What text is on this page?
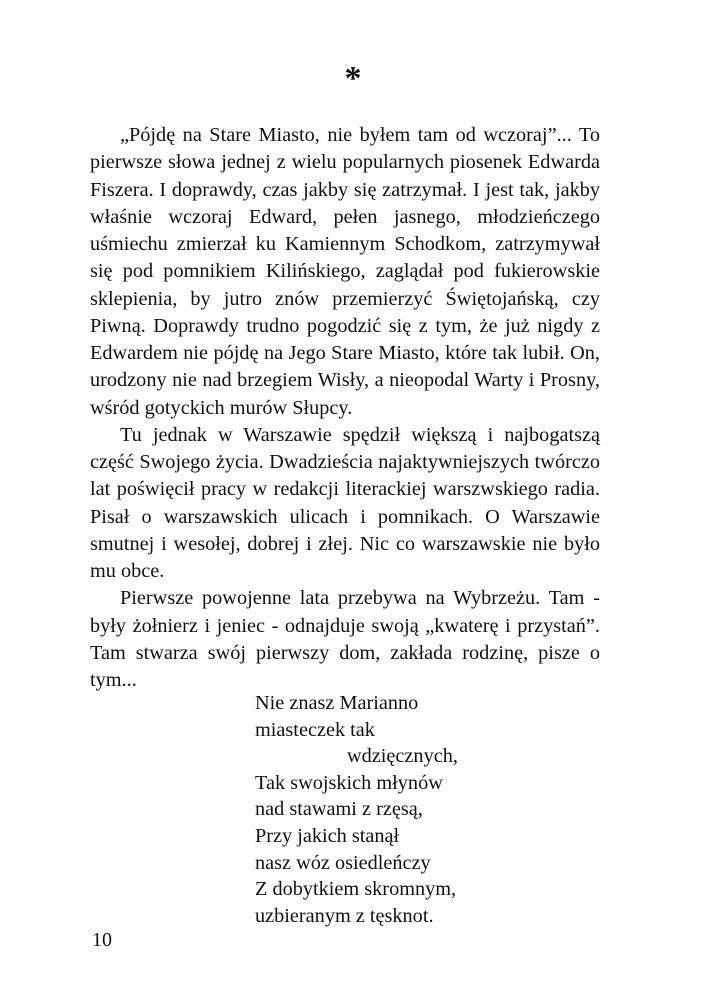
*

„Pójdę na Stare Miasto, nie byłem tam od wczoraj”... To pierwsze słowa jednej z wielu popularnych piosenek Edwarda Fiszera. I doprawdy, czas jakby się zatrzymał. I jest tak, jakby właśnie wczoraj Edward, pełen jasnego, młodzieńczego uśmiechu zmierzał ku Kamiennym Schodkom, zatrzymywał się pod pomnikiem Kilińskiego, zaglądał pod fukierowskie sklepienia, by jutro znów przemierzyć Świętojańską, czy Piwną. Doprawdy trudno pogodzić się z tym, że już nigdy z Edwardem nie pójdę na Jego Stare Miasto, które tak lubił. On, urodzony nie nad brzegiem Wisły, a nieopodal Warty i Prosny, wśród gotyckich murów Słupcy.

Tu jednak w Warszawie spędził większą i najbogatszą część Swojego życia. Dwadzieścia najaktywniejszych twórczo lat poświęcił pracy w redakcji literackiej warszwskiego radia. Pisał o warszawskich ulicach i pomnikach. O Warszawie smutnej i wesołej, dobrej i złej. Nic co warszawskie nie było mu obce.

Pierwsze powojenne lata przebywa na Wybrzeżu. Tam - były żołnierz i jeniec - odnajduje swoją „kwaterę i przystań”. Tam stwarza swój pierwszy dom, zakłada rodzinę, pisze o tym...

Nie znasz Marianno
miasteczek tak
wdzięcznych,
Tak swojskich młynów
nad stawami z rzęsą,
Przy jakich stanął
nasz wóz osiedleńczy
Z dobytkiem skromnym,
uzbieranym z tęsknot.
10
